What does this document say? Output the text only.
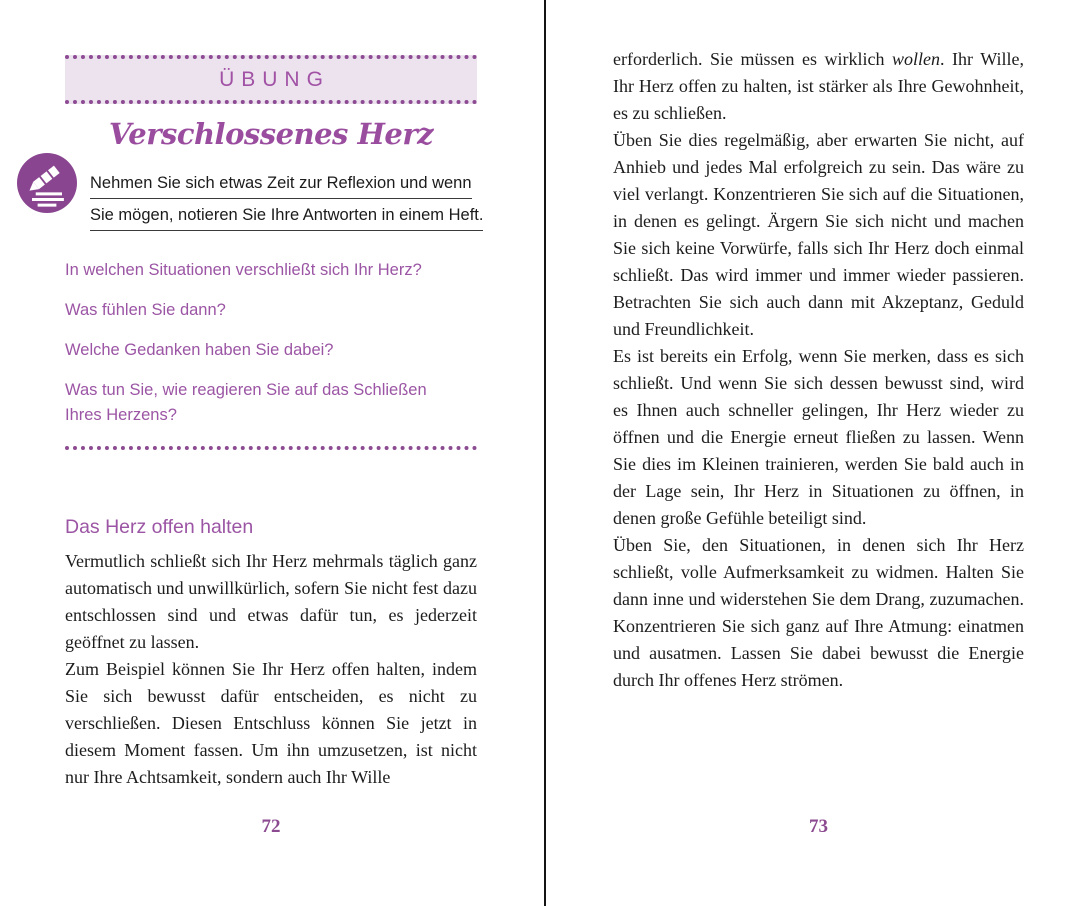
ÜBUNG
Verschlossenes Herz
Nehmen Sie sich etwas Zeit zur Reflexion und wenn
Sie mögen, notieren Sie Ihre Antworten in einem Heft.

In welchen Situationen verschließt sich Ihr Herz?

Was fühlen Sie dann?

Welche Gedanken haben Sie dabei?

Was tun Sie, wie reagieren Sie auf das Schließen Ihres Herzens?

Das Herz offen halten

Vermutlich schließt sich Ihr Herz mehrmals täglich ganz automatisch und unwillkürlich, sofern Sie nicht fest dazu entschlossen sind und etwas dafür tun, es jederzeit geöffnet zu lassen.

Zum Beispiel können Sie Ihr Herz offen halten, indem Sie sich bewusst dafür entscheiden, es nicht zu verschließen. Diesen Entschluss können Sie jetzt in diesem Moment fassen. Um ihn umzusetzen, ist nicht nur Ihre Achtsamkeit, sondern auch Ihr Wille

72

erforderlich. Sie müssen es wirklich wollen. Ihr Wille, Ihr Herz offen zu halten, ist stärker als Ihre Gewohnheit, es zu schließen.

Üben Sie dies regelmäßig, aber erwarten Sie nicht, auf Anhieb und jedes Mal erfolgreich zu sein. Das wäre zu viel verlangt. Konzentrieren Sie sich auf die Situationen, in denen es gelingt. Ärgern Sie sich nicht und machen Sie sich keine Vorwürfe, falls sich Ihr Herz doch einmal schließt. Das wird immer und immer wieder passieren. Betrachten Sie sich auch dann mit Akzeptanz, Geduld und Freundlichkeit.

Es ist bereits ein Erfolg, wenn Sie merken, dass es sich schließt. Und wenn Sie sich dessen bewusst sind, wird es Ihnen auch schneller gelingen, Ihr Herz wieder zu öffnen und die Energie erneut fließen zu lassen. Wenn Sie dies im Kleinen trainieren, werden Sie bald auch in der Lage sein, Ihr Herz in Situationen zu öffnen, in denen große Gefühle beteiligt sind.

Üben Sie, den Situationen, in denen sich Ihr Herz schließt, volle Aufmerksamkeit zu widmen. Halten Sie dann inne und widerstehen Sie dem Drang, zuzumachen. Konzentrieren Sie sich ganz auf Ihre Atmung: einatmen und ausatmen. Lassen Sie dabei bewusst die Energie durch Ihr offenes Herz strömen.

73
